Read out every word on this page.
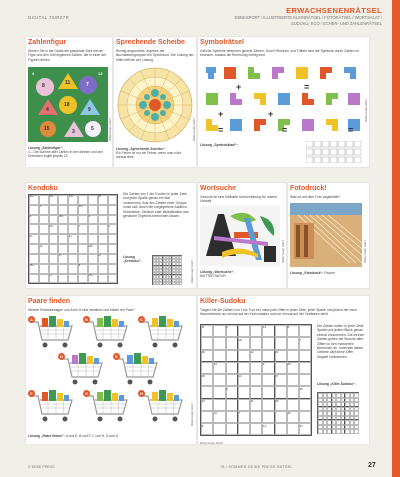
DIGITAL 76IR27R
ERWACHSENENRÄTSEL
DENKSPORT / ILLUSTRIERTE KLEINRÄTSEL / FOTORÄTSEL / WORTSALAT /
SUDOKU, ECO / ECHEN- UND ZAHLENRÄTSEL
Zahlenfigur
Setzen Sie in die Grafik die passende Zahl mit der Figur und den fünf ergänzen Zahlen, die in einer der Figuren fehlen.
8	11	7
4
18
9
15	3	5
4	12
Lösung „Zahlenfigur“:
4 – Die Summe aller Zahlen in den kleinen und den Dreiecken ergibt jeweils 23.
Werbe Design GmbH
Sprechende Scheibe
Richtig angeordnet, ergeben die Buchstabengruppen ein Sprichwort. Die Lösung der Mitte hilft bei der Lösung.
Lösung „Sprechende Scheibe“:
Ein Fehler ist nur ein Fehler, wenn man nicht daraus lernt.
Werbe Design GmbH
Symbolrätsel
Gleiche Symbole bedeuten gleiche Zahlen. Durch Rechnen und Tüfteln sind die Symbole durch Zahlen zu ersetzen, sodass die Rechnung richtig wird.
+	=
+	+
=	=	=
Lösung „Symbolrätsel“:
Werbe Design GmbH
Kendoku
24+	15×	14+	8×
3	17+
9	30×	5
21×	7	3−
6+	9+
12	28×
6	2÷
15+	8
1−	20+
Die Zahlen von 1 bis 9 sollen in jeder Zeile und jeder Spalte genau ein Mal vorkommen. Aus den Zahlen einer Gruppe muss sich durch die vorgegebene Addition, Subtraktion, Division oder Multiplikation das genannte Ergebnis berechnen lassen.
Lösung „Kendoku“:	Werbe Design GmbH
Wortsuche
Gesucht ist eine bildhafte Umschreibung für unsere Umwelt.
Lösung „Wortsuche“:
MUTTER NATUR
Werbe Design GmbH
Fotodruck!
Was ist auf dem Foto abgebildet?
Lösung „Fotodruck“: Fischer
Werbe Design GmbH
Paare finden
Welche Einkaufswagen von A bis H sind identisch und bilden ein Paar?
A	B	C
D	E
F	G	H
Lösung „Paare finden“: A und E, B und F, C und H, D und G
Werbe Design GmbH
Killer-Sudoku
Tragen Sie die Zahlen von 1 bis 9 so ein, dass jede Ziffer in jeder Zeile, jeder Spalte und jedem der neun Neunerblocks nur einmal auf der Horizontalen und nur einmal auf der Vertikalen steht.
11	9	13	8
18	7
19	12	21
10	6	20
15	14	17
9	16
13	11	10
12	7	22
8	14	17
Die Zahlen sollen in jeder Zeile, Spalte und jedem Block genau einmal vorkommen. Die kleinen Zahlen geben die Summe aller Ziffern in den markierten Bereichen an. Innerhalb dieser Gebiete darf keine Ziffer doppelt vorkommen.
Lösung „Killer-Sudoku“:
Werbe Design GmbH
© DEKE PRESS	78 / SOMMER DEIKE PRESS RÄTSEL	27
